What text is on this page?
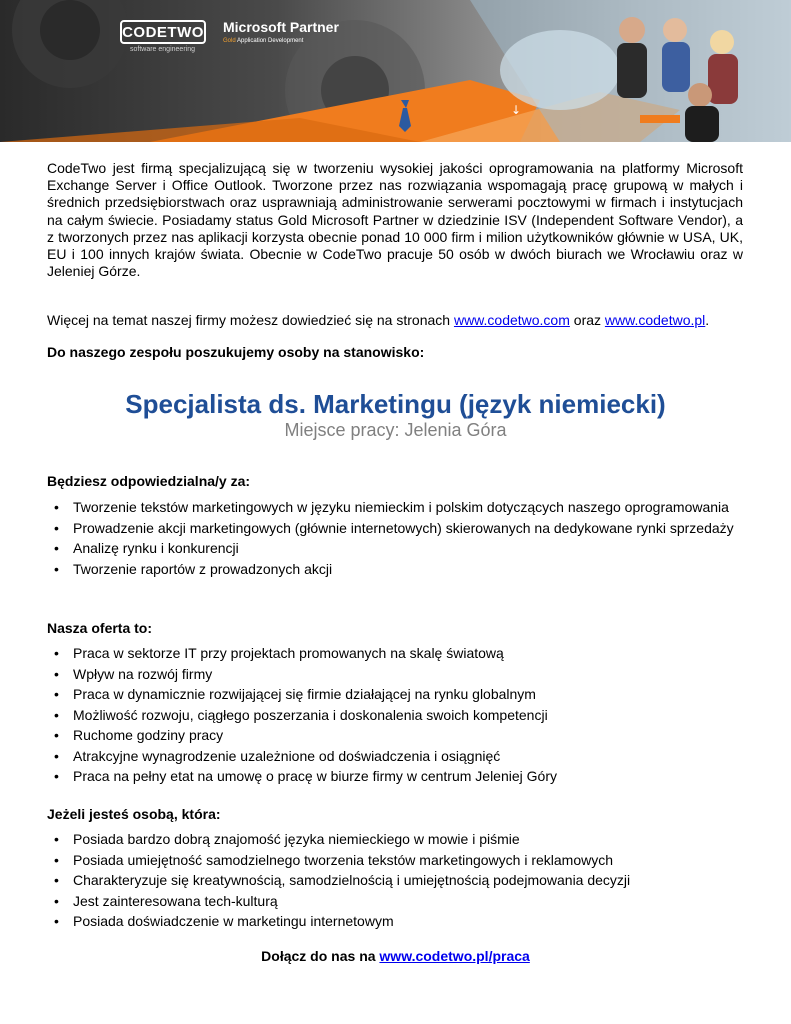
↓
CODETWO
software engineering
Microsoft Partner
Gold Application Development

CodeTwo jest firmą specjalizującą się w tworzeniu wysokiej jakości oprogramowania na platformy Microsoft Exchange Server i Office Outlook. Tworzone przez nas rozwiązania wspomagają pracę grupową w małych i średnich przedsiębiorstwach oraz usprawniają administrowanie serwerami pocztowymi w firmach i instytucjach na całym świecie. Posiadamy status Gold Microsoft Partner w dziedzinie ISV (Independent Software Vendor), a z tworzonych przez nas aplikacji korzysta obecnie ponad 10 000 firm i milion użytkowników głównie w USA, UK, EU i 100 innych krajów świata. Obecnie w CodeTwo pracuje 50 osób w dwóch biurach we Wrocławiu oraz w Jeleniej Górze.

Więcej na temat naszej firmy możesz dowiedzieć się na stronach www.codetwo.com oraz www.codetwo.pl.
Do naszego zespołu poszukujemy osoby na stanowisko:
Specjalista ds. Marketingu (język niemiecki)
Miejsce pracy: Jelenia Góra
Będziesz odpowiedzialna/y za:
• Tworzenie tekstów marketingowych w języku niemieckim i polskim dotyczących naszego oprogramowania
• Prowadzenie akcji marketingowych (głównie internetowych) skierowanych na dedykowane rynki sprzedaży
• Analizę rynku i konkurencji
• Tworzenie raportów z prowadzonych akcji
Nasza oferta to:
• Praca w sektorze IT przy projektach promowanych na skalę światową
• Wpływ na rozwój firmy
• Praca w dynamicznie rozwijającej się firmie działającej na rynku globalnym
• Możliwość rozwoju, ciągłego poszerzania i doskonalenia swoich kompetencji
• Ruchome godziny pracy
• Atrakcyjne wynagrodzenie uzależnione od doświadczenia i osiągnięć
• Praca na pełny etat na umowę o pracę w biurze firmy w centrum Jeleniej Góry
Jeżeli jesteś osobą, która:
• Posiada bardzo dobrą znajomość języka niemieckiego w mowie i piśmie
• Posiada umiejętność samodzielnego tworzenia tekstów marketingowych i reklamowych
• Charakteryzuje się kreatywnością, samodzielnością i umiejętnością podejmowania decyzji
• Jest zainteresowana tech-kulturą
• Posiada doświadczenie w marketingu internetowym
Dołącz do nas na www.codetwo.pl/praca
